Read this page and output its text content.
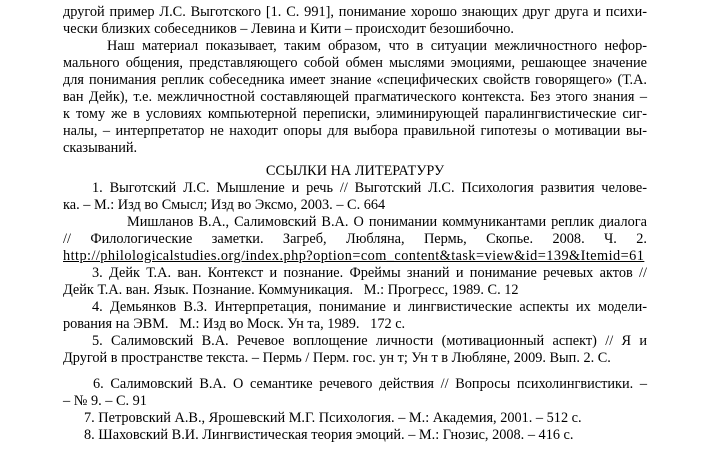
другой пример Л.С. Выготского [1. С. 991], понимание хорошо знающих друг друга и психи-
чески близких собеседников – Левина и Кити – происходит безошибочно.
Наш материал показывает, таким образом, что в ситуации межличностного нефор-
мального общения, представляющего собой обмен мыслями эмоциями, решающее значение
для понимания реплик собеседника имеет знание «специфических свойств говорящего» (Т.А.
ван Дейк), т.е. межличностной составляющей прагматического контекста. Без этого знания –
к тому же в условиях компьютерной переписки, элиминирующей паралингвистические сиг-
налы, – интерпретатор не находит опоры для выбора правильной гипотезы о мотивации вы-
сказываний.
ССЫЛКИ НА ЛИТЕРАТУРУ
1. Выготский Л.С. Мышление и речь // Выготский Л.С. Психология развития челове-
ка. – М.: Изд во Смысл; Изд во Эксмо, 2003. – С. 664
Мишланов В.А., Салимовский В.А. О понимании коммуникантами реплик диалога
// Филологические заметки. Загреб, Любляна, Пермь, Скопье. 2008. Ч. 2.
http://philologicalstudies.org/index.php?option=com_content&task=view&id=139&Itemid=61
3. Дейк Т.А. ван. Контекст и познание. Фреймы знаний и понимание речевых актов //
Дейк Т.А. ван. Язык. Познание. Коммуникация.   М.: Прогресс, 1989. С. 12
4. Демьянков В.З. Интерпретация, понимание и лингвистические аспекты их модели-
рования на ЭВМ.   М.: Изд во Моск. Ун та, 1989.   172 с.
5. Салимовский В.А. Речевое воплощение личности (мотивационный аспект) // Я и
Другой в пространстве текста. – Пермь / Перм. гос. ун т; Ун т в Любляне, 2009. Вып. 2. С.
6. Салимовский В.А. О семантике речевого действия // Вопросы психолингвистики. –
– № 9. – С. 91
7. Петровский А.В., Ярошевский М.Г. Психология. – М.: Академия, 2001. – 512 с.
8. Шаховский В.И. Лингвистическая теория эмоций. – М.: Гнозис, 2008. – 416 с.
